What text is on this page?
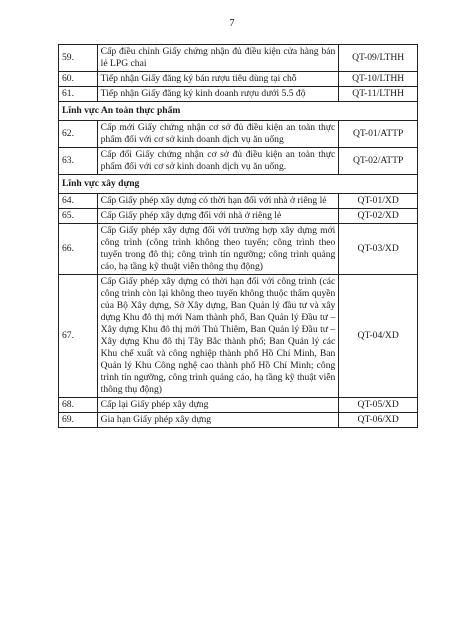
7
59.	Cấp điều chỉnh Giấy chứng nhận đủ điều kiện cửa hàng bán lẻ LPG chai	QT-09/LTHH
60.	Tiếp nhận Giấy đăng ký bán rượu tiêu dùng tại chỗ	QT-10/LTHH
61.	Tiếp nhận Giấy đăng ký kinh doanh rượu dưới 5.5 độ	QT-11/LTHH
Lĩnh vực An toàn thực phẩm		
62.	Cấp mới Giấy chứng nhận cơ sở đủ điều kiện an toàn thực phẩm đối với cơ sở kinh doanh dịch vụ ăn uống	QT-01/ATTP
63.	Cấp đổi Giấy chứng nhận cơ sở đủ điều kiện an toàn thực phẩm đối với cơ sở kinh doanh dịch vụ ăn uống.	QT-02/ATTP
Lĩnh vực xây dựng		
64.	Cấp Giấy phép xây dựng có thời hạn đối với nhà ở riêng lẻ	QT-01/XD
65.	Cấp Giấy phép xây dựng đối với nhà ở riêng lẻ	QT-02/XD
66.	Cấp Giấy phép xây dựng đối với trường hợp xây dựng mới công trình (công trình không theo tuyến; công trình theo tuyến trong đô thị; công trình tín ngưỡng; công trình quảng cáo, hạ tầng kỹ thuật viễn thông thụ động)	QT-03/XD
67.	Cấp Giấy phép xây dựng có thời hạn đối với công trình (các công trình còn lại không theo tuyến không thuộc thẩm quyền của Bộ Xây dựng, Sở Xây dựng, Ban Quản lý đầu tư và xây dựng Khu đô thị mới Nam thành phố, Ban Quản lý Đầu tư – Xây dựng Khu đô thị mới Thủ Thiêm, Ban Quản lý Đầu tư – Xây dựng Khu đô thị Tây Bắc thành phố; Ban Quản lý các Khu chế xuất và công nghiệp thành phố Hồ Chí Minh, Ban Quản lý Khu Công nghệ cao thành phố Hồ Chí Minh; công trình tín ngưỡng, công trình quảng cáo, hạ tầng kỹ thuật viễn thông thụ động)	QT-04/XD
68.	Cấp lại Giấy phép xây dựng	QT-05/XD
69.	Gia hạn Giấy phép xây dựng	QT-06/XD
